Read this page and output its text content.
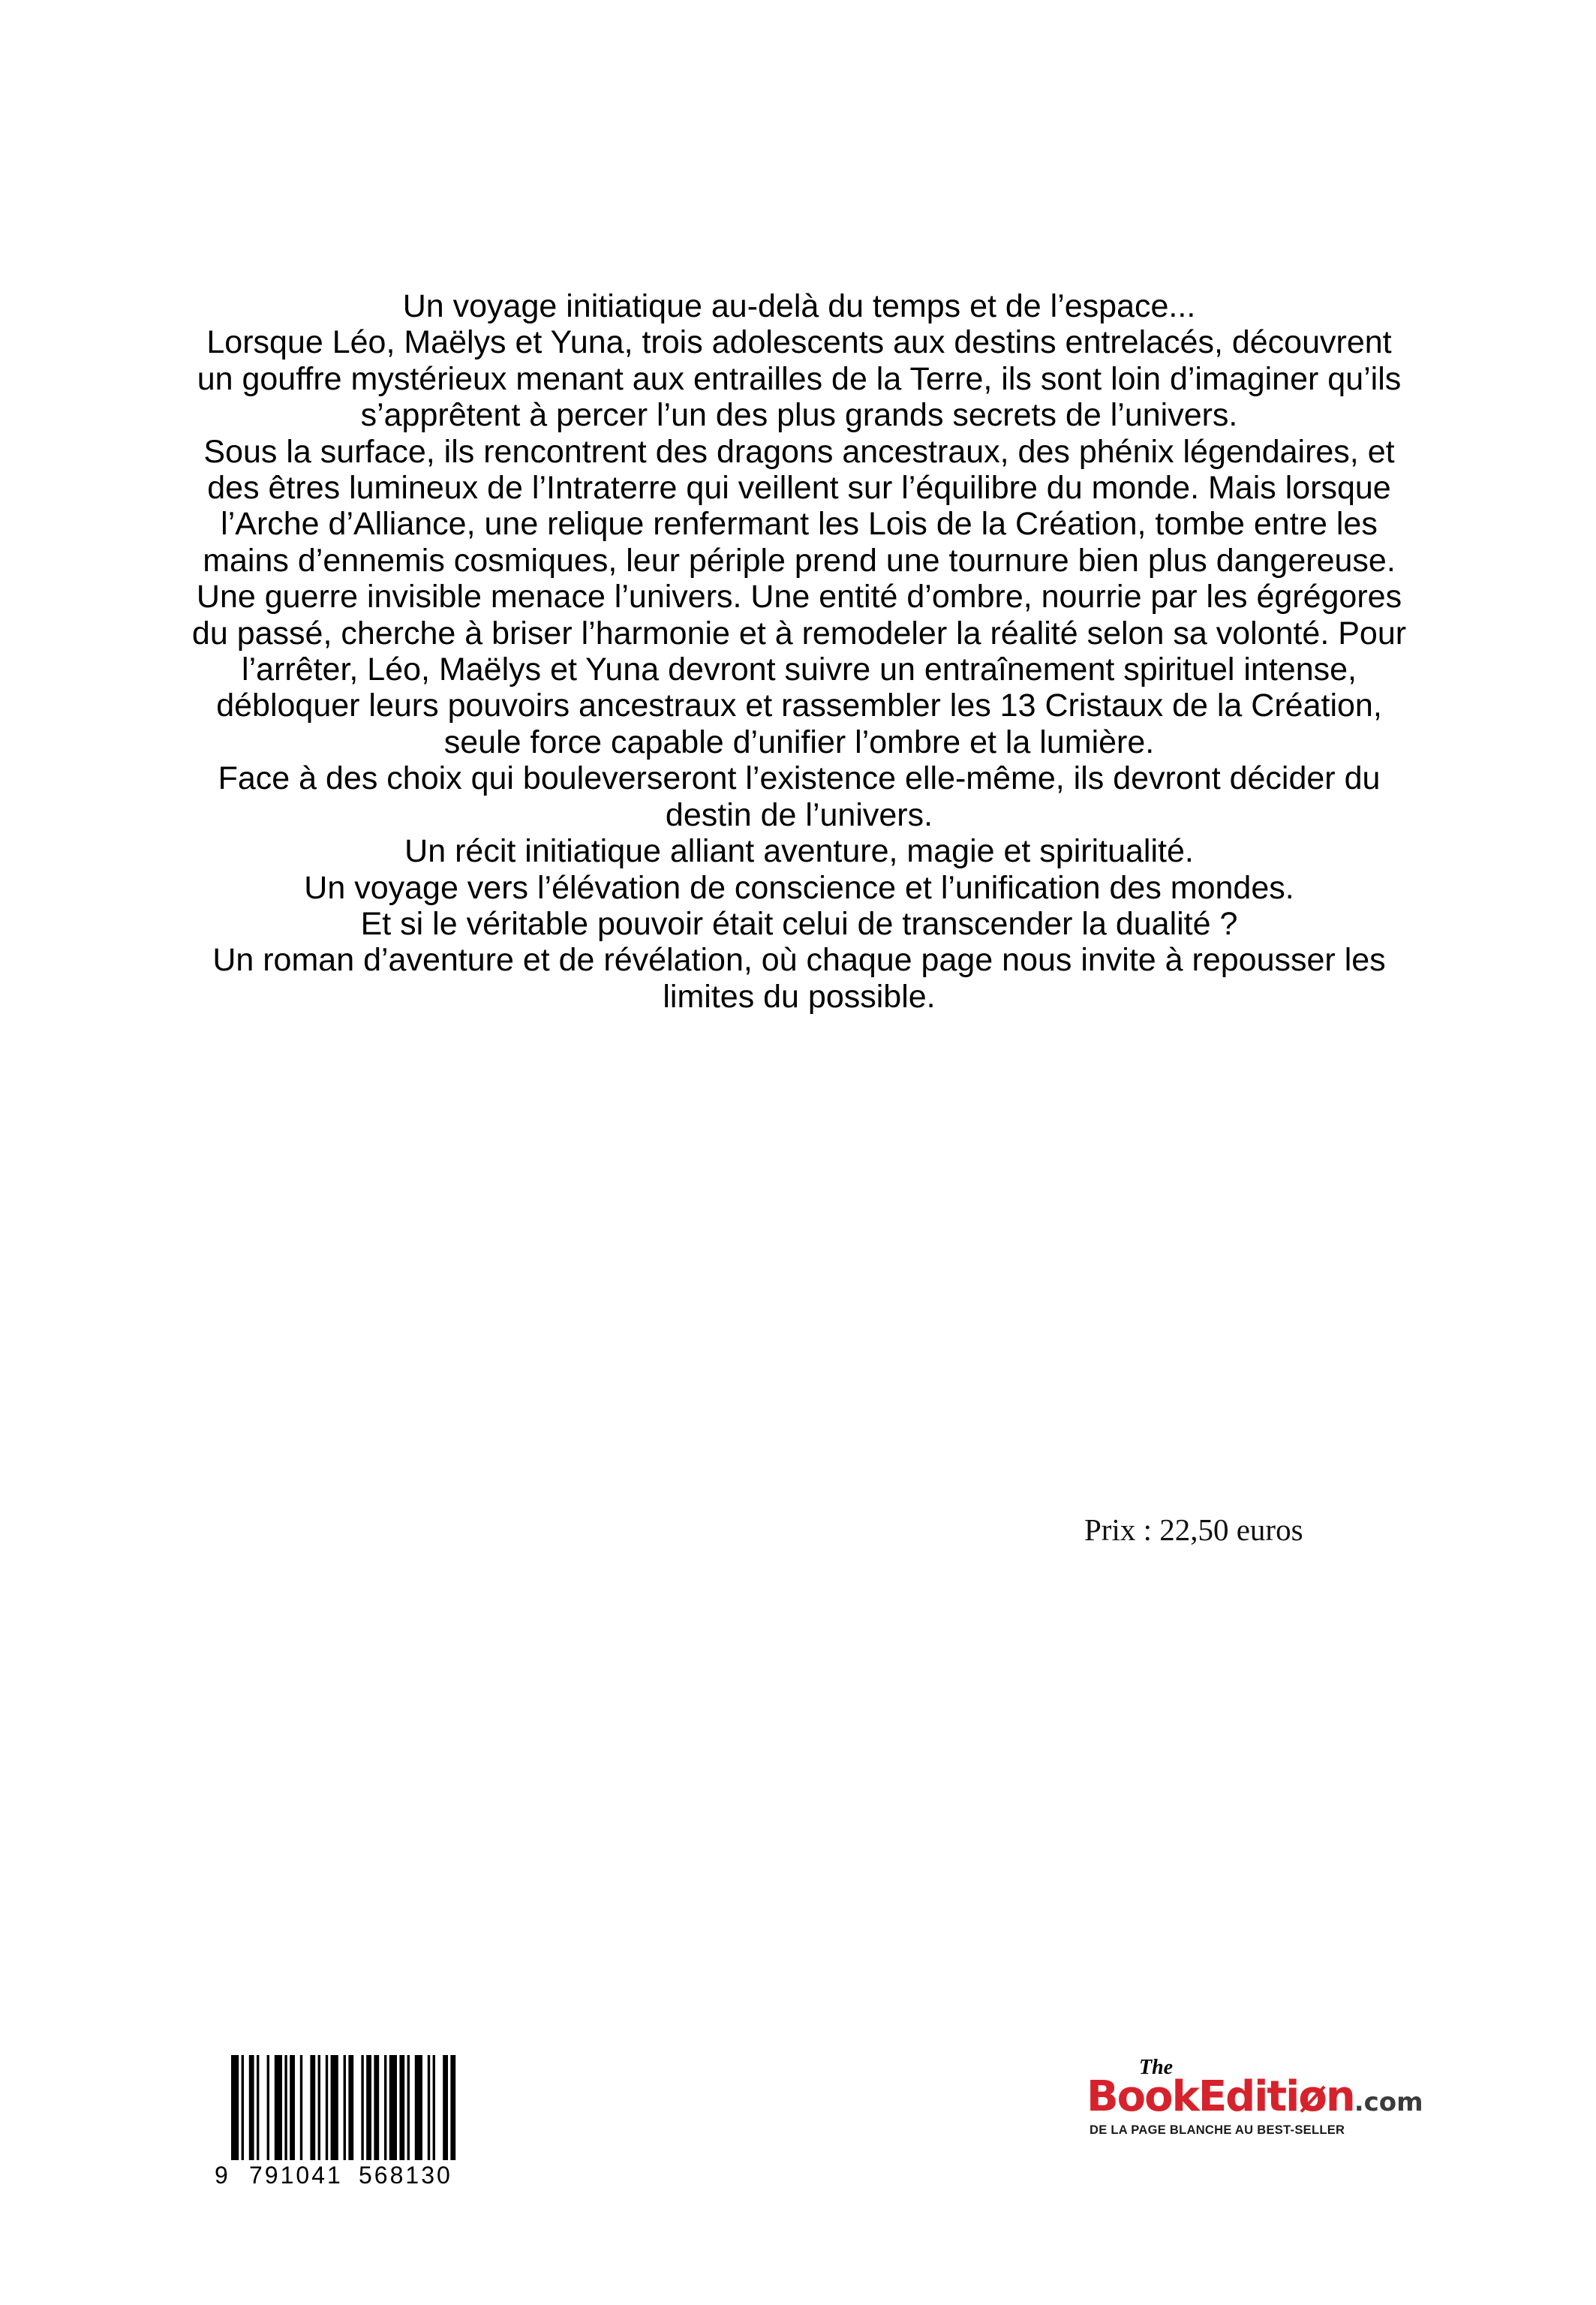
Un voyage initiatique au-delà du temps et de l’espace...
Lorsque Léo, Maëlys et Yuna, trois adolescents aux destins entrelacés, découvrent
un gouffre mystérieux menant aux entrailles de la Terre, ils sont loin d’imaginer qu’ils
s’apprêtent à percer l’un des plus grands secrets de l’univers.
Sous la surface, ils rencontrent des dragons ancestraux, des phénix légendaires, et
des êtres lumineux de l’Intraterre qui veillent sur l’équilibre du monde. Mais lorsque
l’Arche d’Alliance, une relique renfermant les Lois de la Création, tombe entre les
mains d’ennemis cosmiques, leur périple prend une tournure bien plus dangereuse.
Une guerre invisible menace l’univers. Une entité d’ombre, nourrie par les égrégores
du passé, cherche à briser l’harmonie et à remodeler la réalité selon sa volonté. Pour
l’arrêter, Léo, Maëlys et Yuna devront suivre un entraînement spirituel intense,
débloquer leurs pouvoirs ancestraux et rassembler les 13 Cristaux de la Création,
seule force capable d’unifier l’ombre et la lumière.
Face à des choix qui bouleverseront l’existence elle-même, ils devront décider du
destin de l’univers.
Un récit initiatique alliant aventure, magie et spiritualité.
Un voyage vers l’élévation de conscience et l’unification des mondes.
Et si le véritable pouvoir était celui de transcender la dualité ?
Un roman d’aventure et de révélation, où chaque page nous invite à repousser les
limites du possible.
Prix : 22,50 euros
9 791041 568130
The
BookEditiøn.com
DE LA PAGE BLANCHE AU BEST-SELLER
